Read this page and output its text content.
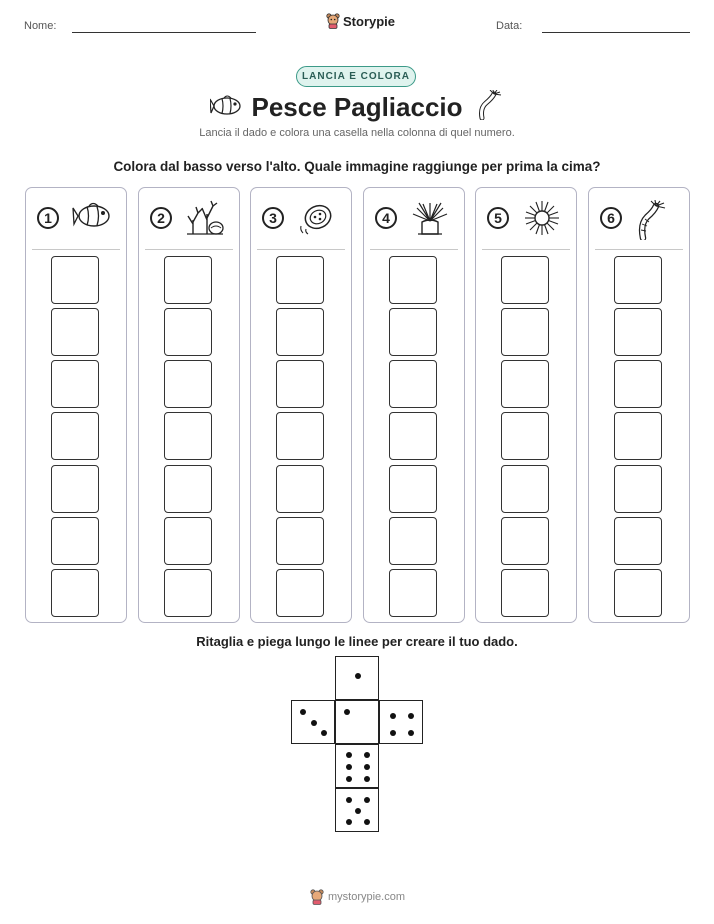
Nome:	Storypie	Data:
LANCIA E COLORA
Pesce Pagliaccio
Lancia il dado e colora una casella nella colonna di quel numero.
Colora dal basso verso l'alto. Quale immagine raggiunge per prima la cima?
1	2	3	4	5	6
Ritaglia e piega lungo le linee per creare il tuo dado.
mystorypie.com
